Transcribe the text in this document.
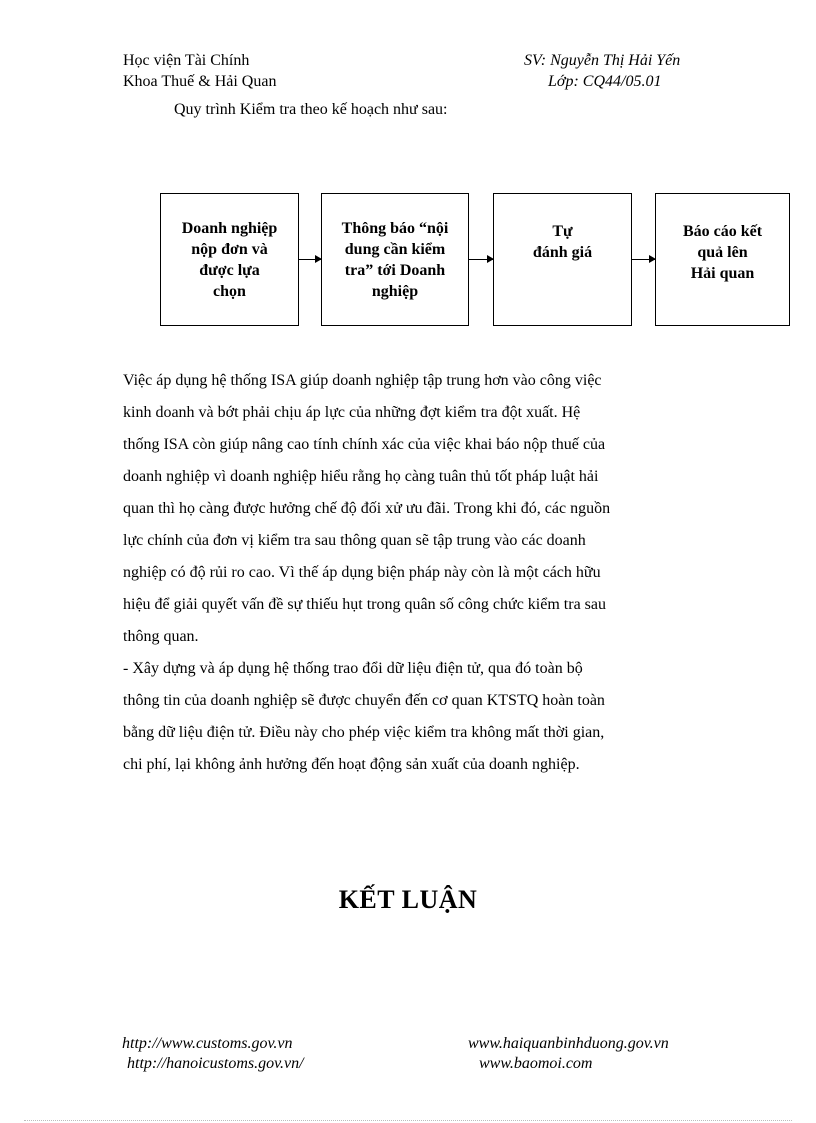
Học viện Tài Chính
Khoa Thuế & Hải Quan
SV: Nguyễn Thị Hải Yến
Lớp: CQ44/05.01
Quy trình Kiểm tra theo kế hoạch như sau:
Doanh nghiệp
nộp đơn và
được lựa
chọn
Thông báo “nội
dung cần kiểm
tra” tới Doanh
nghiệp
Tự
đánh giá
Báo cáo kết
quả lên
Hải quan
Việc áp dụng hệ thống ISA giúp doanh nghiệp tập trung hơn vào công việc
kinh doanh và bớt phải chịu áp lực của những đợt kiểm tra đột xuất. Hệ
thống ISA còn giúp nâng cao tính chính xác của việc khai báo nộp thuế của
doanh nghiệp vì doanh nghiệp hiểu rằng họ càng tuân thủ tốt pháp luật hải
quan thì họ càng được hưởng chế độ đối xử ưu đãi. Trong khi đó, các nguồn
lực chính của đơn vị kiểm tra sau thông quan sẽ tập trung vào các doanh
nghiệp có độ rủi ro cao. Vì thế áp dụng biện pháp này còn là một cách hữu
hiệu để giải quyết vấn đề sự thiếu hụt trong quân số công chức kiểm tra sau
thông quan.
- Xây dựng và áp dụng hệ thống trao đổi dữ liệu điện tử, qua đó toàn bộ
thông tin của doanh nghiệp sẽ được chuyển đến cơ quan KTSTQ hoàn toàn
bằng dữ liệu điện tử. Điều này cho phép việc kiểm tra không mất thời gian,
chi phí, lại không ảnh hưởng đến hoạt động sản xuất của doanh nghiệp.
KẾT LUẬN
http://www.customs.gov.vn
http://hanoicustoms.gov.vn/
www.haiquanbinhduong.gov.vn
www.baomoi.com
